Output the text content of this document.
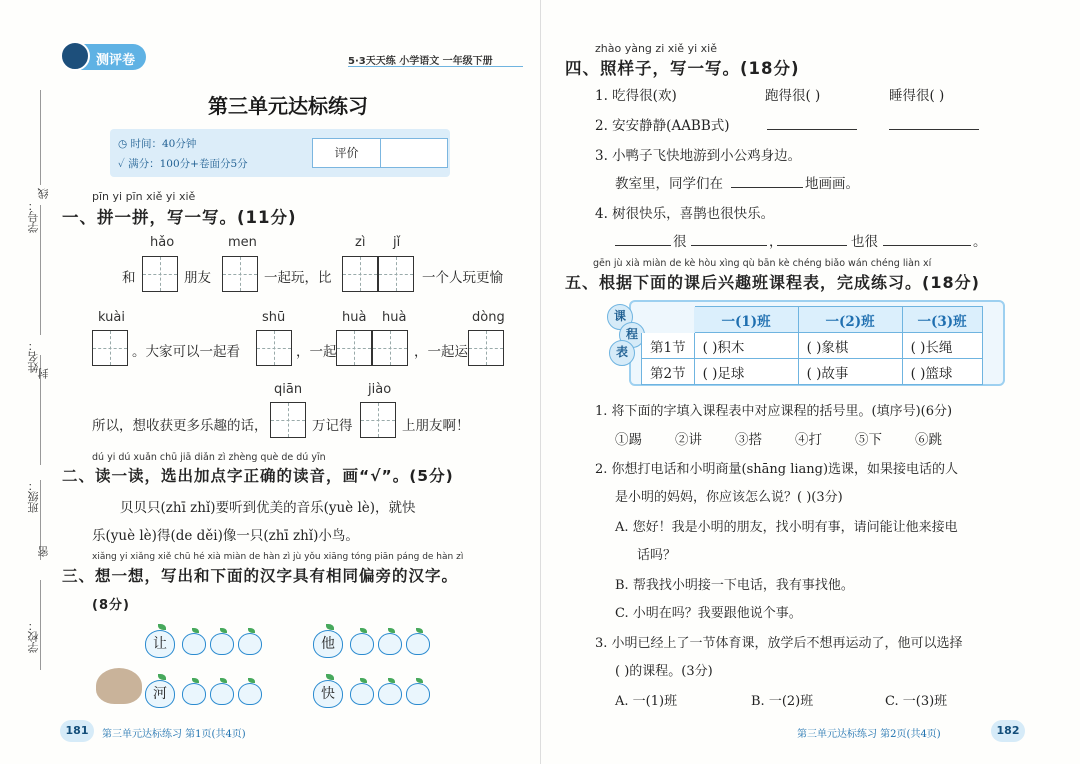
学号：
线
姓名：
封
班级：
密
学校：
测评卷	5·3天天练 小学语文 一年级下册
第三单元达标练习
◷ 时间：40分钟
✓ 满分：100分+卷面分5分
评价
pīn yi pīn xiě yi xiě
一、拼一拼，写一写。(11分)
hǎo	men	zì jǐ
和	朋友	一起玩，比	一个人玩更愉
kuài	shū	huà huà	dòng
。大家可以一起看	，一起	，一起运
qiān	jiào
所以，想收获更多乐趣的话，	万记得	上朋友啊！
dú yi dú xuǎn chū jiā diǎn zì zhèng què de dú yīn
二、读一读，选出加点字正确的读音，画“√”。(5分)
贝贝只(zhī zhǐ)要听到优美的音乐(yuè lè)，就快
乐(yuè lè)得(de děi)像一只(zhī zhǐ)小鸟。
xiǎng yi xiǎng xiě chū hé xià miàn de hàn zì jù yǒu xiāng tóng piān páng de hàn zì
三、想一想，写出和下面的汉字具有相同偏旁的汉字。
(8分)
让	他
河	快
181	第三单元达标练习 第1页(共4页)
zhào yàng zi xiě yi xiě
四、照样子，写一写。(18分)
1. 吃得很(欢)	跑得很( )	睡得很( )
2. 安安静静(AABB式)
3. 小鸭子飞快地游到小公鸡身边。
教室里，同学们在	地画画。
4. 树很快乐，喜鹊也很快乐。
很	，	也很	。
gēn jù xià miàn de kè hòu xìng qù bān kè chéng biǎo wán chéng liàn xí
五、根据下面的课后兴趣班课程表，完成练习。(18分)
课
程
表
	一(1)班	一(2)班	一(3)班
第1节	( )积木	( )象棋	( )长绳
第2节	( )足球	( )故事	( )篮球
1. 将下面的字填入课程表中对应课程的括号里。(填序号)(6分)
①踢 ②讲 ③搭 ④打 ⑤下 ⑥跳
2. 你想打电话和小明商量(shāng liang)选课，如果接电话的人
是小明的妈妈，你应该怎么说？( )(3分)
A. 您好！我是小明的朋友，找小明有事，请问能让他来接电
话吗？
B. 帮我找小明接一下电话，我有事找他。
C. 小明在吗？我要跟他说个事。
3. 小明已经上了一节体育课，放学后不想再运动了，他可以选择
( )的课程。(3分)
A. 一(1)班	B. 一(2)班	C. 一(3)班
第三单元达标练习 第2页(共4页)	182
